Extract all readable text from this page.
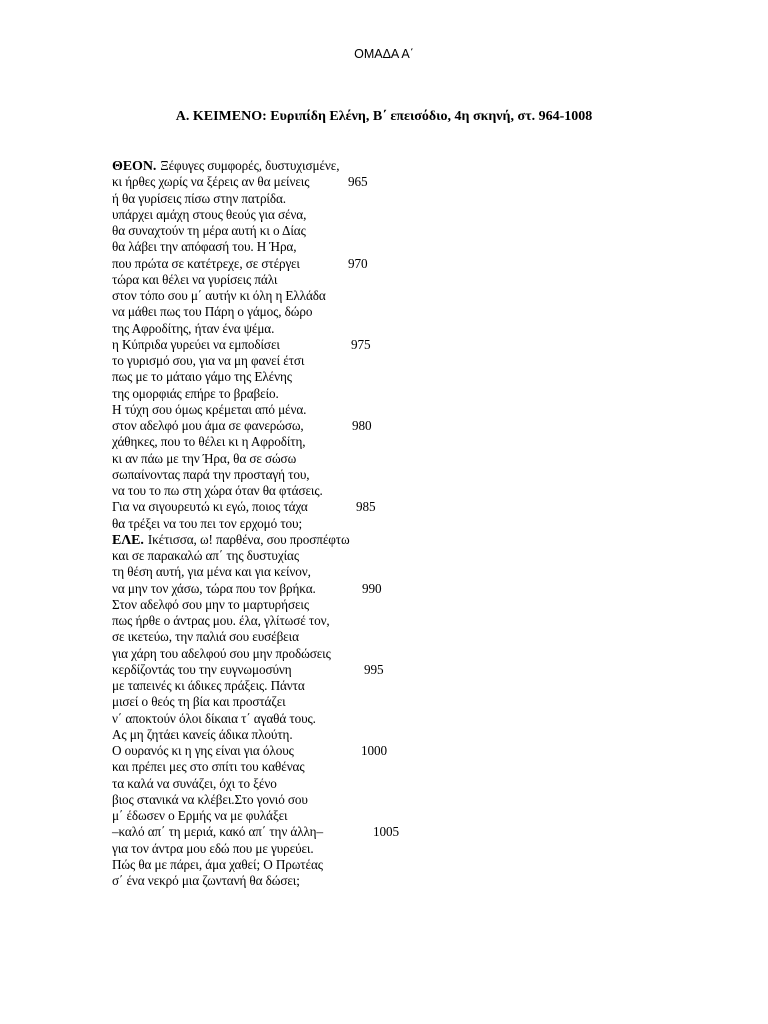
ΟΜΑΔΑ Α΄
Α. ΚΕΙΜΕΝΟ: Ευριπίδη Ελένη, Β΄ επεισόδιο, 4η σκηνή, στ. 964-1008
ΘΕΟΝ. Ξέφυγες συμφορές, δυστυχισμένε,
κι ήρθες χωρίς να ξέρεις αν θα μείνεις	965
ή θα γυρίσεις πίσω στην πατρίδα.
υπάρχει αμάχη στους θεούς για σένα,
θα συναχτούν τη μέρα αυτή κι ο Δίας
θα λάβει την απόφασή του. Η Ήρα,
που πρώτα σε κατέτρεχε, σε στέργει	970
τώρα και θέλει να γυρίσεις πάλι
στον τόπο σου μ΄ αυτήν κι όλη η Ελλάδα
να μάθει πως του Πάρη ο γάμος, δώρο
της Αφροδίτης, ήταν ένα ψέμα.
η Κύπριδα γυρεύει να εμποδίσει	975
το γυρισμό σου, για να μη φανεί έτσι
πως με το μάταιο γάμο της Ελένης
της ομορφιάς επήρε το βραβείο.
Η τύχη σου όμως κρέμεται από μένα.
στον αδελφό μου άμα σε φανερώσω,	980
χάθηκες, που το θέλει κι η Αφροδίτη,
κι αν πάω με την Ήρα, θα σε σώσω
σωπαίνοντας παρά την προσταγή του,
να του το πω στη χώρα όταν θα φτάσεις.
Για να σιγουρευτώ κι εγώ, ποιος τάχα	985
θα τρέξει να του πει τον ερχομό του;
ΕΛΕ. Ικέτισσα, ω! παρθένα, σου προσπέφτω
και σε παρακαλώ απ΄ της δυστυχίας
τη θέση αυτή, για μένα και για κείνον,
να μην τον χάσω, τώρα που τον βρήκα.	990
Στον αδελφό σου μην το μαρτυρήσεις
πως ήρθε ο άντρας μου. έλα, γλίτωσέ τον,
σε ικετεύω, την παλιά σου ευσέβεια
για χάρη του αδελφού σου μην προδώσεις
κερδίζοντάς του την ευγνωμοσύνη	995
με ταπεινές κι άδικες πράξεις. Πάντα
μισεί ο θεός τη βία και προστάζει
ν΄ αποκτούν όλοι δίκαια τ΄ αγαθά τους.
Ας μη ζητάει κανείς άδικα πλούτη.
Ο ουρανός κι η γης είναι για όλους	1000
και πρέπει μες στο σπίτι του καθένας
τα καλά να συνάζει, όχι το ξένο
βιος στανικά να κλέβει.Στο γονιό σου
μ΄ έδωσεν ο Ερμής να με φυλάξει
–καλό απ΄ τη μεριά, κακό απ΄ την άλλη–	1005
για τον άντρα μου εδώ που με γυρεύει.
Πώς θα με πάρει, άμα χαθεί; Ο Πρωτέας
σ΄ ένα νεκρό μια ζωντανή θα δώσει;
